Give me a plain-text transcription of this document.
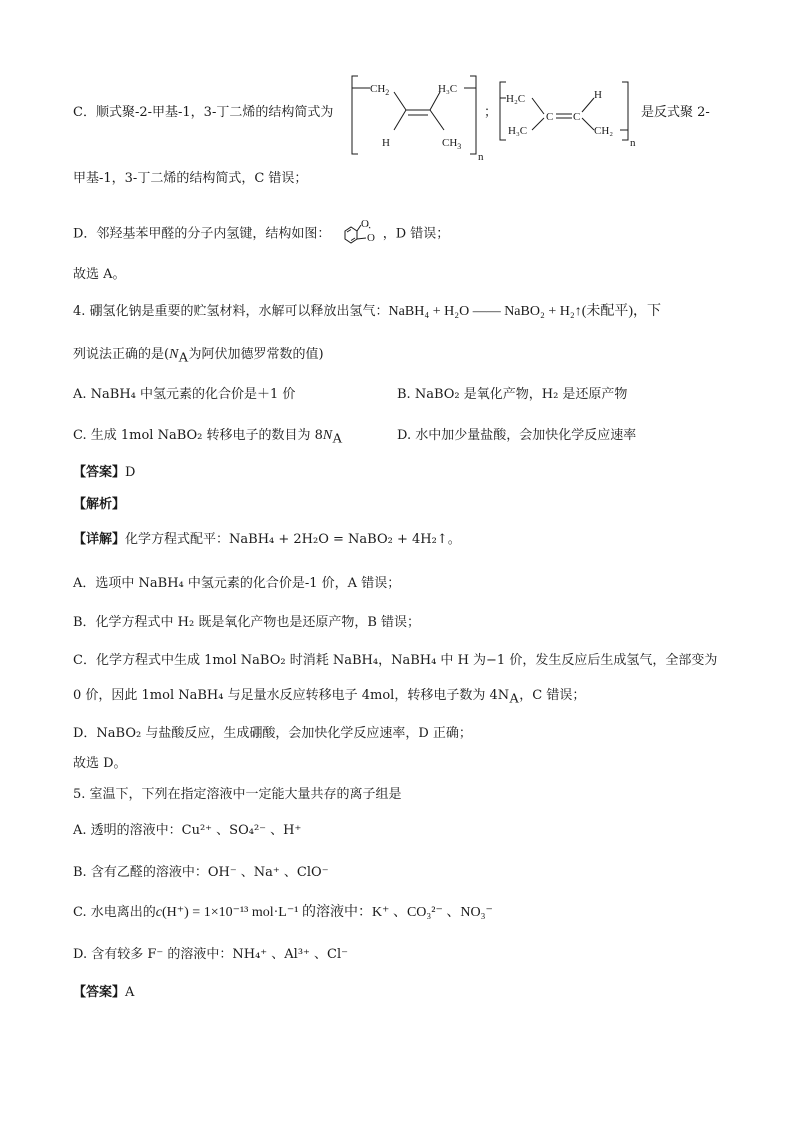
C．顺式聚-2-甲基-1，3-丁二烯的结构简式为
$CH_2$	H₃C
H	$CH_3$
n
；
H₂C	H
H₃C
C C
CH₂
n
是反式聚 2-
甲基-1，3-丁二烯的结构简式，C 错误；
D．邻羟基苯甲醛的分子内氢键，结构如图：
O
O ，D 错误；
故选 A。
4. 硼氢化钠是重要的贮氢材料，水解可以释放出氢气：NaBH₄ + H₂O —— NaBO₂ + H₂↑(未配平)，下
列说法正确的是($N_A$为阿伏加德罗常数的值)
A. NaBH₄ 中氢元素的化合价是＋1 价	B. NaBO₂ 是氧化产物，H₂ 是还原产物
C. 生成 1mol NaBO₂ 转移电子的数目为 $8N_A$	D. 水中加少量盐酸，会加快化学反应速率
【答案】D
【解析】
【详解】化学方程式配平：NaBH₄ + 2H₂O = NaBO₂ + 4H₂↑。
A．选项中 NaBH₄ 中氢元素的化合价是-1 价，A 错误；
B．化学方程式中 H₂ 既是氧化产物也是还原产物，B 错误；
C．化学方程式中生成 1mol NaBO₂ 时消耗 NaBH₄，NaBH₄ 中 H 为−1 价，发生反应后生成氢气，全部变为
0 价，因此 1mol NaBH₄ 与足量水反应转移电子 4mol，转移电子数为 $4N_A$，C 错误；
D．NaBO₂ 与盐酸反应，生成硼酸，会加快化学反应速率，D 正确；
故选 D。
5. 室温下，下列在指定溶液中一定能大量共存的离子组是
A. 透明的溶液中：Cu²⁺ 、SO₄²⁻ 、H⁺
B. 含有乙醛的溶液中：OH⁻ 、Na⁺ 、ClO⁻
C. 水电离出的c(H⁺) = 1×10⁻¹³ mol·L⁻¹ 的溶液中：K⁺ 、CO₃²⁻ 、NO₃⁻
D. 含有较多 F⁻ 的溶液中：NH₄⁺ 、Al³⁺ 、Cl⁻
【答案】A
